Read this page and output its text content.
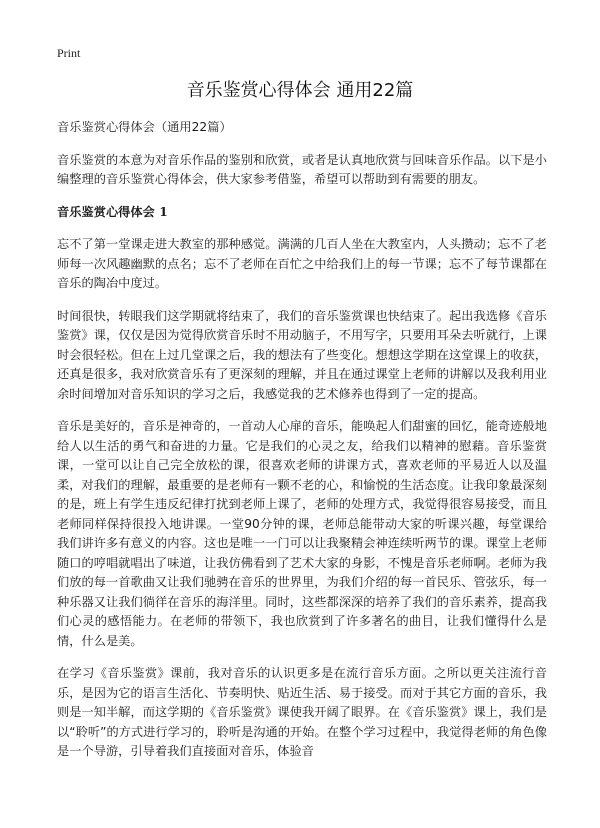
Print
音乐鉴赏心得体会 通用22篇

音乐鉴赏心得体会（通用22篇）

音乐鉴赏的本意为对音乐作品的鉴别和欣赏，或者是认真地欣赏与回味音乐作品。以下是小编整理的音乐鉴赏心得体会，供大家参考借鉴，希望可以帮助到有需要的朋友。

音乐鉴赏心得体会 1

忘不了第一堂课走进大教室的那种感觉。满满的几百人坐在大教室内，人头攒动；忘不了老师每一次风趣幽默的点名；忘不了老师在百忙之中给我们上的每一节课；忘不了每节课都在音乐的陶冶中度过。

时间很快，转眼我们这学期就将结束了，我们的音乐鉴赏课也快结束了。起出我选修《音乐鉴赏》课，仅仅是因为觉得欣赏音乐时不用动脑子，不用写字，只要用耳朵去听就行，上课时会很轻松。但在上过几堂课之后，我的想法有了些变化。想想这学期在这堂课上的收获，还真是很多，我对欣赏音乐有了更深刻的理解，并且在通过课堂上老师的讲解以及我利用业余时间增加对音乐知识的学习之后，我感觉我的艺术修养也得到了一定的提高。

音乐是美好的，音乐是神奇的，一首动人心扉的音乐，能唤起人们甜蜜的回忆，能奇迹般地给人以生活的勇气和奋进的力量。它是我们的心灵之友，给我们以精神的慰藉。音乐鉴赏课，一堂可以让自己完全放松的课，很喜欢老师的讲课方式，喜欢老师的平易近人以及温柔，对我们的理解，最重要的是老师有一颗不老的心，和愉悦的生活态度。让我印象最深刻的是，班上有学生违反纪律打扰到老师上课了，老师的处理方式，我觉得很容易接受，而且老师同样保持很投入地讲课。一堂90分钟的课，老师总能带动大家的听课兴趣，每堂课给我们讲许多有意义的内容。这也是唯一一门可以让我聚精会神连续听两节的课。课堂上老师随口的哼唱就唱出了味道，让我仿佛看到了艺术大家的身影，不愧是音乐老师啊。老师为我们放的每一首歌曲又让我们驰骋在音乐的世界里，为我们介绍的每一首民乐、管弦乐，每一种乐器又让我们徜徉在音乐的海洋里。同时，这些都深深的培养了我们的音乐素养，提高我们心灵的感悟能力。在老师的带领下，我也欣赏到了许多著名的曲目，让我们懂得什么是情，什么是美。

在学习《音乐鉴赏》课前，我对音乐的认识更多是在流行音乐方面。之所以更关注流行音乐，是因为它的语言生活化、节奏明快、贴近生活、易于接受。而对于其它方面的音乐，我则是一知半解，而这学期的《音乐鉴赏》课使我开阔了眼界。在《音乐鉴赏》课上，我们是以“聆听”的方式进行学习的，聆听是沟通的开始。在整个学习过程中，我觉得老师的角色像是一个导游，引导着我们直接面对音乐，体验音
